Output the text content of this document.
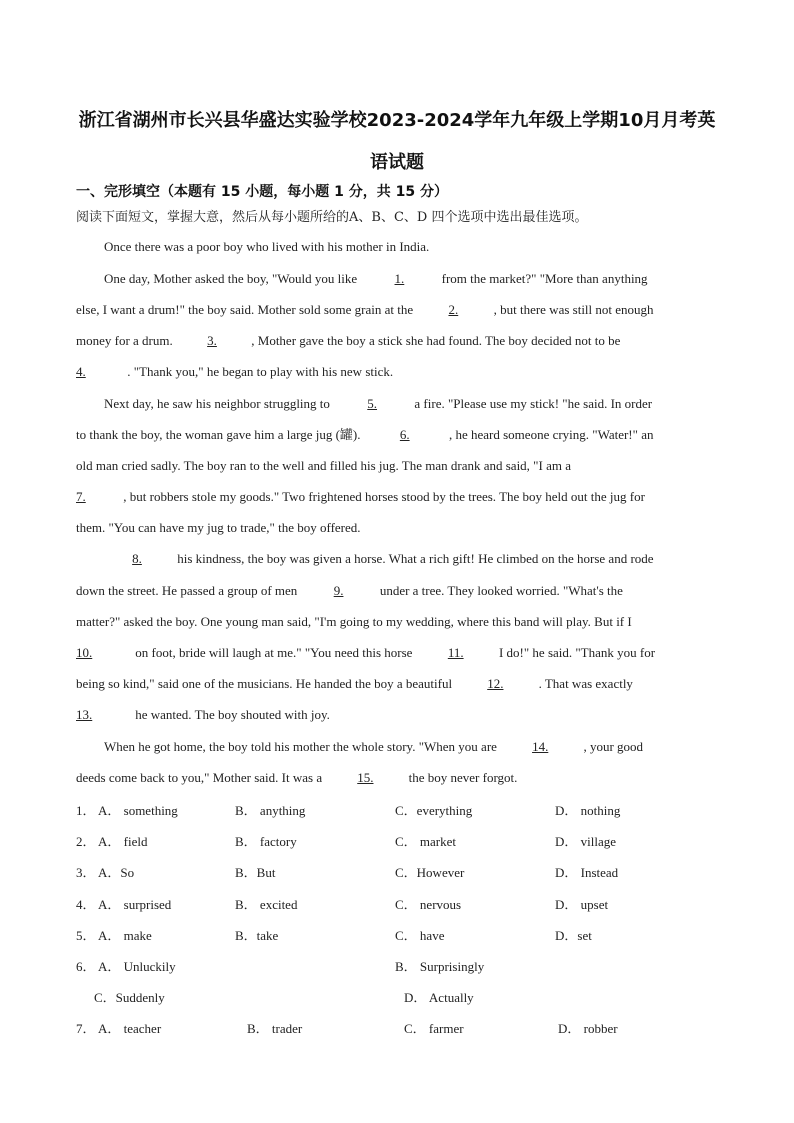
浙江省湖州市长兴县华盛达实验学校2023-2024学年九年级上学期10月月考英
语试题
一、完形填空（本题有 15 小题，每小题 1 分，共 15 分）
阅读下面短文，掌握大意，然后从每小题所给的A、B、C、D 四个选项中选出最佳选项。
Once there was a poor boy who lived with his mother in India.
One day, Mother asked the boy, "Would you like	1.	from the market?" "More than anything
else, I want a drum!" the boy said. Mother sold some grain at the	2.	, but there was still not enough
money for a drum.	3.	, Mother gave the boy a stick she had found. The boy decided not to be
4.	. "Thank you," he began to play with his new stick.
Next day, he saw his neighbor struggling to	5.	a fire. "Please use my stick! "he said. In order
to thank the boy, the woman gave him a large jug (罐).	6.	, he heard someone crying. "Water!" an
old man cried sadly. The boy ran to the well and filled his jug. The man drank and said, "I am a
7.	, but robbers stole my goods." Two frightened horses stood by the trees. The boy held out the jug for
them. "You can have my jug to trade," the boy offered.
8.	his kindness, the boy was given a horse. What a rich gift! He climbed on the horse and rode
down the street. He passed a group of men	9.	under a tree. They looked worried. "What's the
matter?" asked the boy. One young man said, "I'm going to my wedding, where this band will play. But if I
10.	on foot, bride will laugh at me." "You need this horse	11.	I do!" he said. "Thank you for
being so kind," said one of the musicians. He handed the boy a beautiful	12.	. That was exactly
13.	he wanted. The boy shouted with joy.
When he got home, the boy told his mother the whole story. "When you are	14.	, your good
deeds come back to you," Mother said. It was a	15.	the boy never forgot.
1． A． something	B． anything	C．everything	D． nothing
2． A． field	B． factory	C． market	D． village
3． A．So	B．But	C．However	D． Instead
4． A． surprised	B． excited	C． nervous	D． upset
5． A． make	B．take	C． have	D．set
6． A． Unluckily	B． Surprisingly
C．Suddenly	D． Actually
7． A． teacher	B． trader	C． farmer	D． robber
